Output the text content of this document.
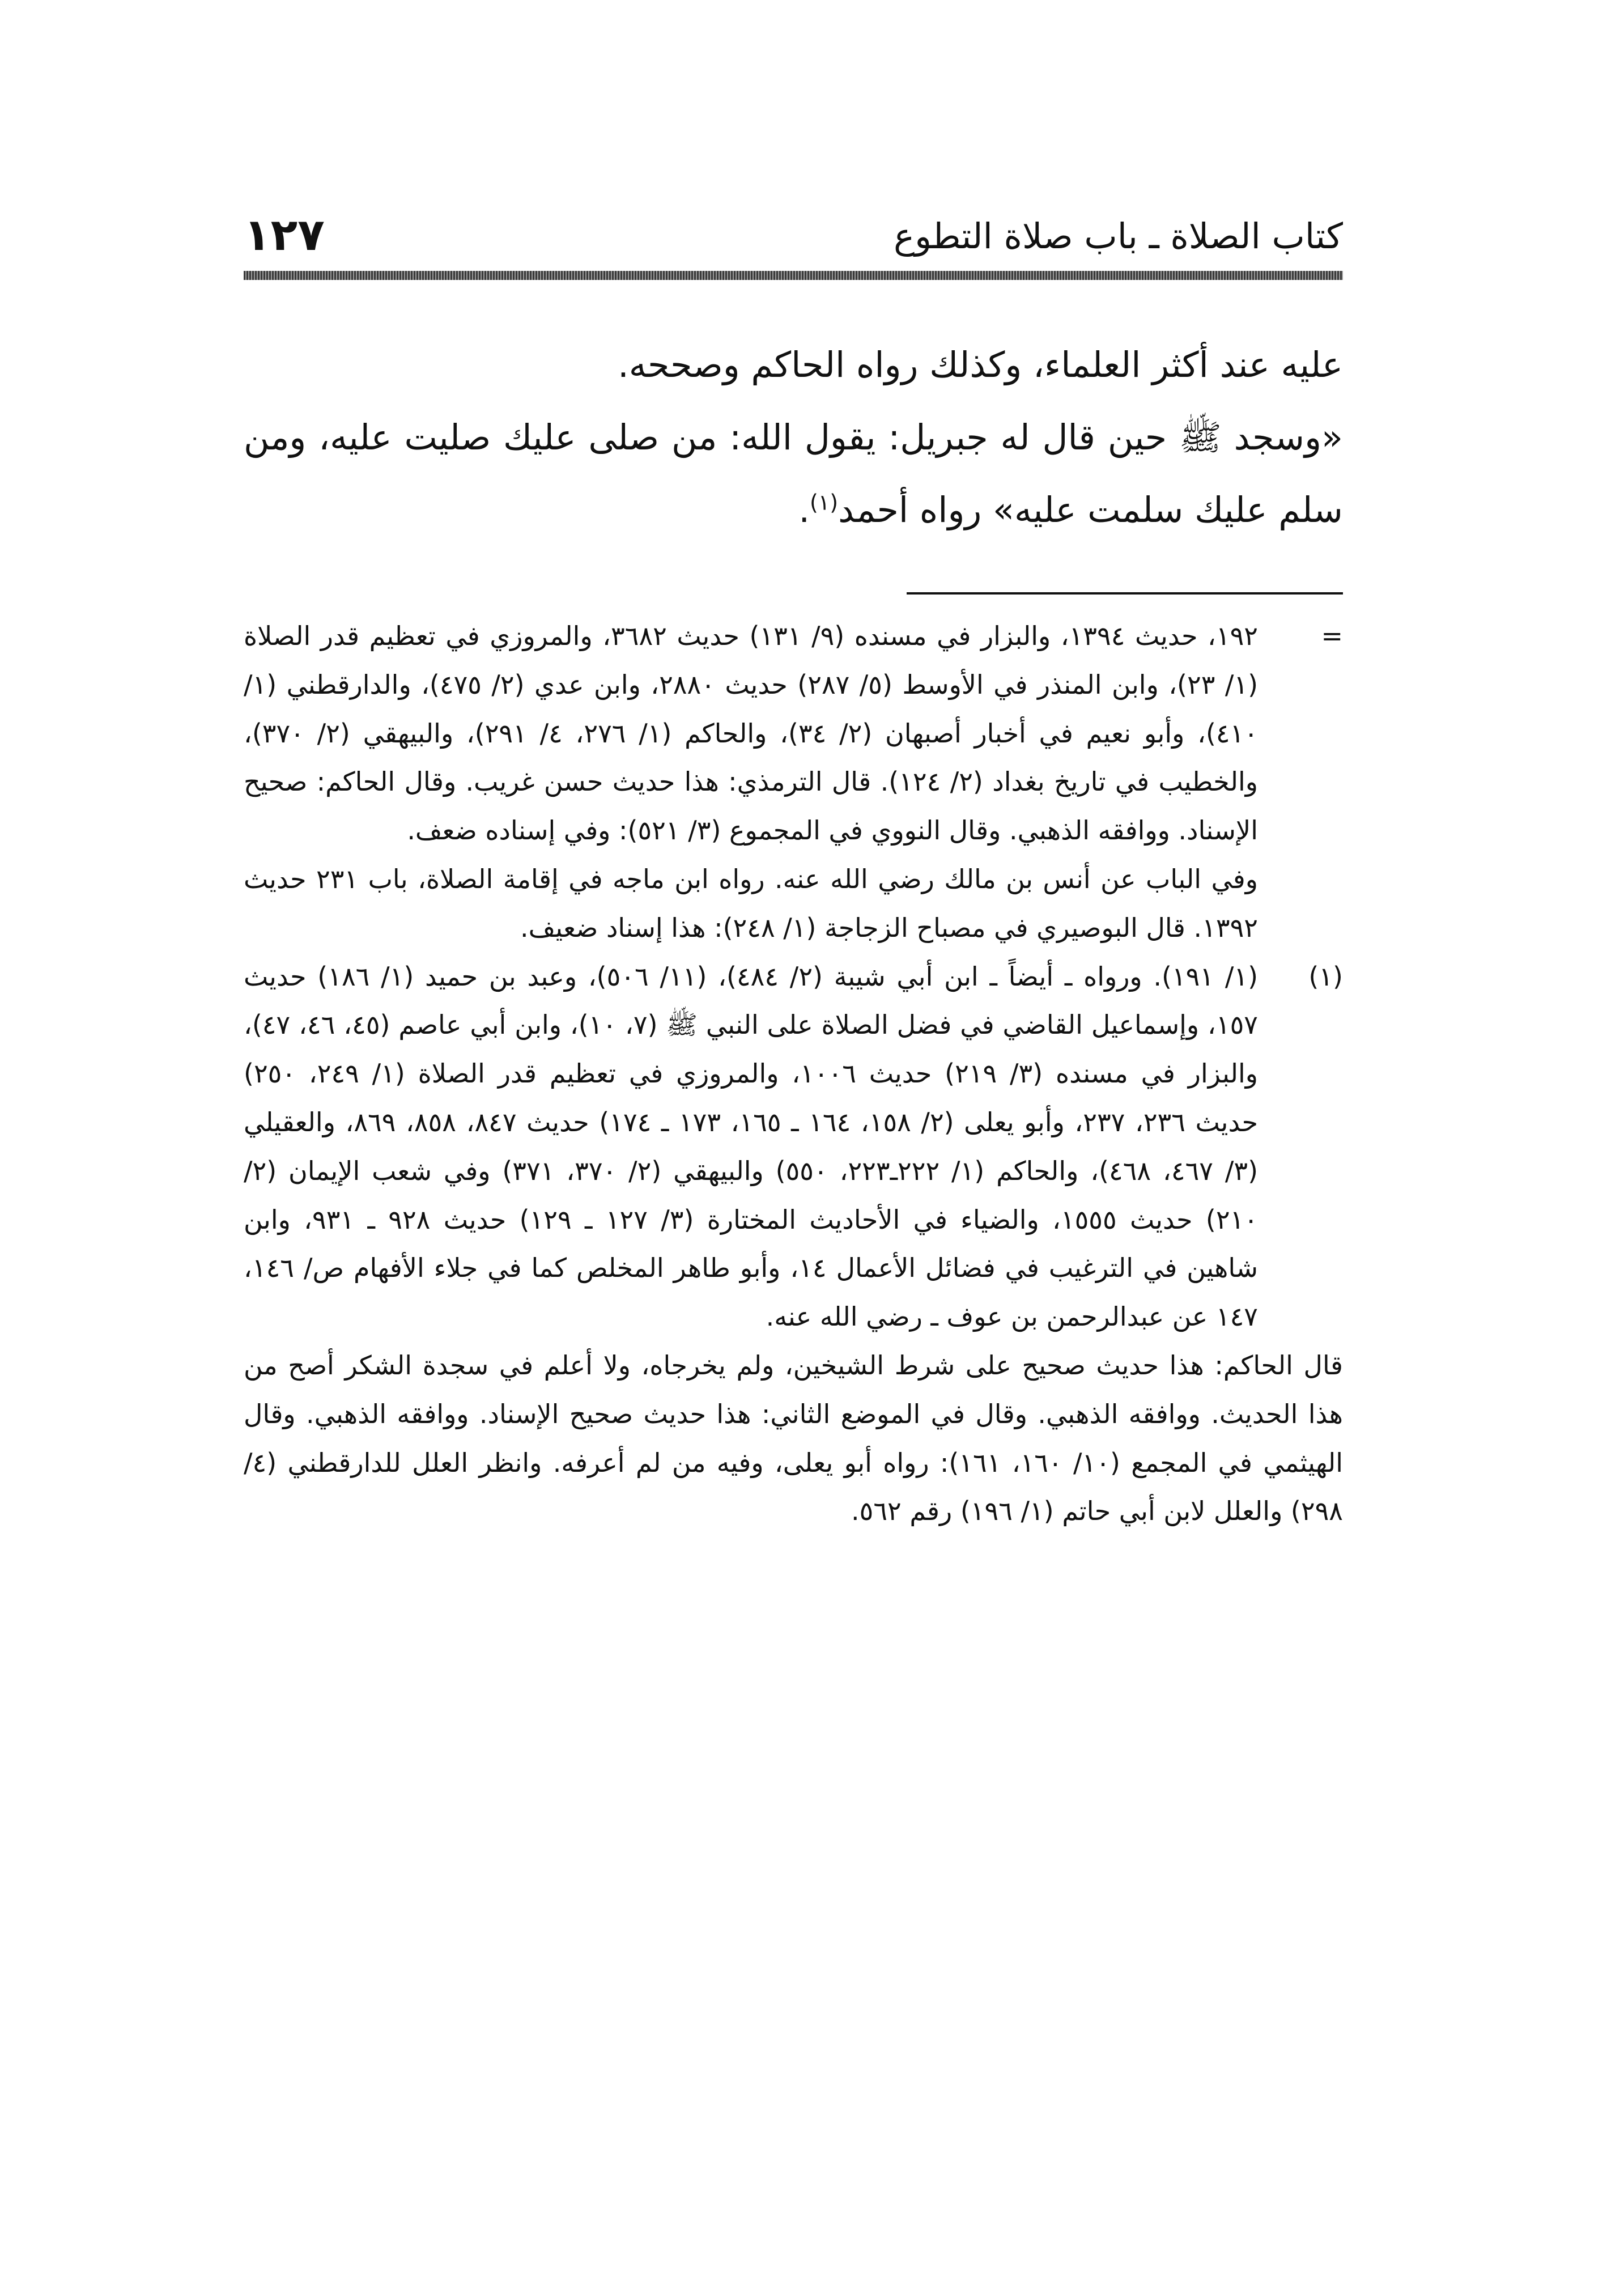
١٢٧	كتاب الصلاة ـ باب صلاة التطوع

عليه عند أكثر العلماء، وكذلك رواه الحاكم وصححه.

«وسجد ﷺ حين قال له جبريل: يقول الله: من صلى عليك صليت عليه، ومن سلم عليك سلمت عليه» رواه أحمد$^{(١)}$.

=

١٩٢، حديث ١٣٩٤، والبزار في مسنده (٩/ ١٣١) حديث ٣٦٨٢، والمروزي في تعظيم قدر الصلاة (١/ ٢٣)، وابن المنذر في الأوسط (٥/ ٢٨٧) حديث ٢٨٨٠، وابن عدي (٢/ ٤٧٥)، والدارقطني (١/ ٤١٠)، وأبو نعيم في أخبار أصبهان (٢/ ٣٤)، والحاكم (١/ ٢٧٦، ٤/ ٢٩١)، والبيهقي (٢/ ٣٧٠)، والخطيب في تاريخ بغداد (٢/ ١٢٤). قال الترمذي: هذا حديث حسن غريب. وقال الحاكم: صحيح الإسناد. ووافقه الذهبي. وقال النووي في المجموع (٣/ ٥٢١): وفي إسناده ضعف.

وفي الباب عن أنس بن مالك رضي الله عنه. رواه ابن ماجه في إقامة الصلاة، باب ٢٣١ حديث ١٣٩٢. قال البوصيري في مصباح الزجاجة (١/ ٢٤٨): هذا إسناد ضعيف.

(١)

(١/ ١٩١). ورواه ـ أيضاً ـ ابن أبي شيبة (٢/ ٤٨٤)، (١١/ ٥٠٦)، وعبد بن حميد (١/ ١٨٦) حديث ١٥٧، وإسماعيل القاضي في فضل الصلاة على النبي ﷺ (٧، ١٠)، وابن أبي عاصم (٤٥، ٤٦، ٤٧)، والبزار في مسنده (٣/ ٢١٩) حديث ١٠٠٦، والمروزي في تعظيم قدر الصلاة (١/ ٢٤٩، ٢٥٠) حديث ٢٣٦، ٢٣٧، وأبو يعلى (٢/ ١٥٨، ١٦٤ ـ ١٦٥، ١٧٣ ـ ١٧٤) حديث ٨٤٧، ٨٥٨، ٨٦٩، والعقيلي (٣/ ٤٦٧، ٤٦٨)، والحاكم (١/ ٢٢٢ـ٢٢٣، ٥٥٠) والبيهقي (٢/ ٣٧٠، ٣٧١) وفي شعب الإيمان (٢/ ٢١٠) حديث ١٥٥٥، والضياء في الأحاديث المختارة (٣/ ١٢٧ ـ ١٢٩) حديث ٩٢٨ ـ ٩٣١، وابن شاهين في الترغيب في فضائل الأعمال ١٤، وأبو طاهر المخلص كما في جلاء الأفهام ص/ ١٤٦، ١٤٧ عن عبدالرحمن بن عوف ـ رضي الله عنه.

قال الحاكم: هذا حديث صحيح على شرط الشيخين، ولم يخرجاه، ولا أعلم في سجدة الشكر أصح من هذا الحديث. ووافقه الذهبي. وقال في الموضع الثاني: هذا حديث صحيح الإسناد. ووافقه الذهبي. وقال الهيثمي في المجمع (١٠/ ١٦٠، ١٦١): رواه أبو يعلى، وفيه من لم أعرفه. وانظر العلل للدارقطني (٤/ ٢٩٨) والعلل لابن أبي حاتم (١/ ١٩٦) رقم ٥٦٢.
